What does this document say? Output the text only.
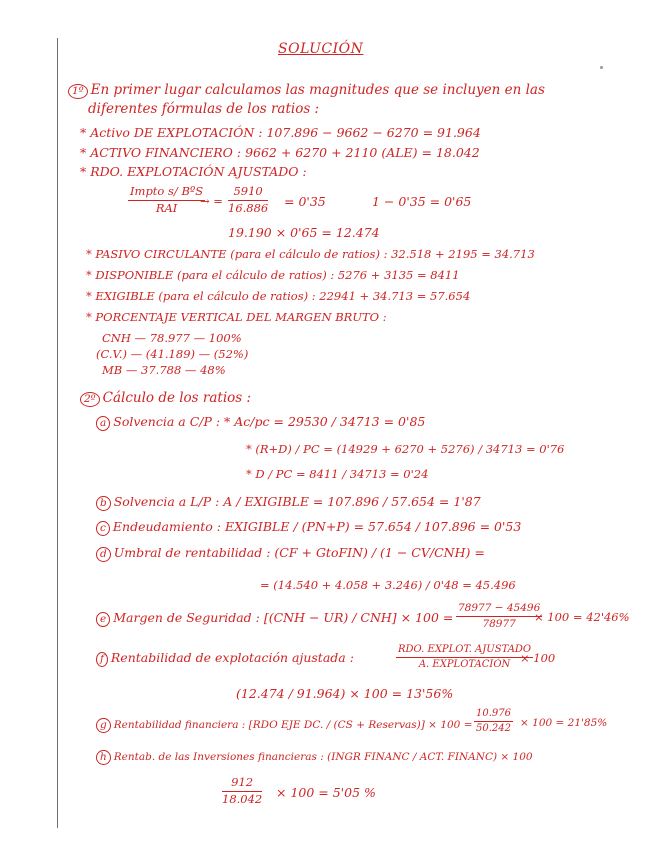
SOLUCIÓN
1º En primer lugar calculamos las magnitudes que se incluyen en las
diferentes fórmulas de los ratios :
* Activo DE EXPLOTACIÓN : 107.896 − 9662 − 6270 = 91.964
* ACTIVO FINANCIERO : 9662 + 6270 + 2110 (ALE) = 18.042
* RDO. EXPLOTACIÓN AJUSTADO :
Impto s/ BºS
RAI	→ = $\frac{5910}{16.886} = 0'35$	1 − 0'35 = 0'65
19.190 × 0'65 = 12.474
* PASIVO CIRCULANTE (para el cálculo de ratios) : 32.518 + 2195 = 34.713
* DISPONIBLE (para el cálculo de ratios) : 5276 + 3135 = 8411
* EXIGIBLE (para el cálculo de ratios) : 22941 + 34.713 = 57.654
* PORCENTAJE VERTICAL DEL MARGEN BRUTO :
CNH — 78.977 — 100%
(C.V.) — (41.189) — (52%)
MB — 37.788 — 48%
2º Cálculo de los ratios :
a Solvencia a C/P : * Ac/pc = 29530 / 34713 = 0'85
* (R+D) / PC = (14929 + 6270 + 5276) / 34713 = 0'76
* D / PC = 8411 / 34713 = 0'24
b Solvencia a L/P : A / EXIGIBLE = 107.896 / 57.654 = 1'87
c Endeudamiento : EXIGIBLE / (PN+P) = 57.654 / 107.896 = 0'53
d Umbral de rentabilidad : (CF + GtoFIN) / (1 − CV/CNH) =
= (14.540 + 4.058 + 3.246) / 0'48 = 45.496
e Margen de Seguridad : $[(CNH - UR) / CNH] \times 100 = \frac{78977 - 45496}{78977}$
× 100 = 42'46%
f Rentabilidad de explotación ajustada :
RDO. EXPLOT. AJUSTADO
A. EXPLOTACIÓN × 100
(12.474 / 91.964) × 100 = 13'56%
g Rentabilidad financiera : [RDO EJE DC. / (CS + Reservas)] × $100 = \frac{10.976}{50.242} \times 100 = 21'85\%$
h Rentab. de las Inversiones financieras : (INGR FINANC / ACT. FINANC) × 100
$\frac{912}{18.042} \times 100 = 5'05$ %
